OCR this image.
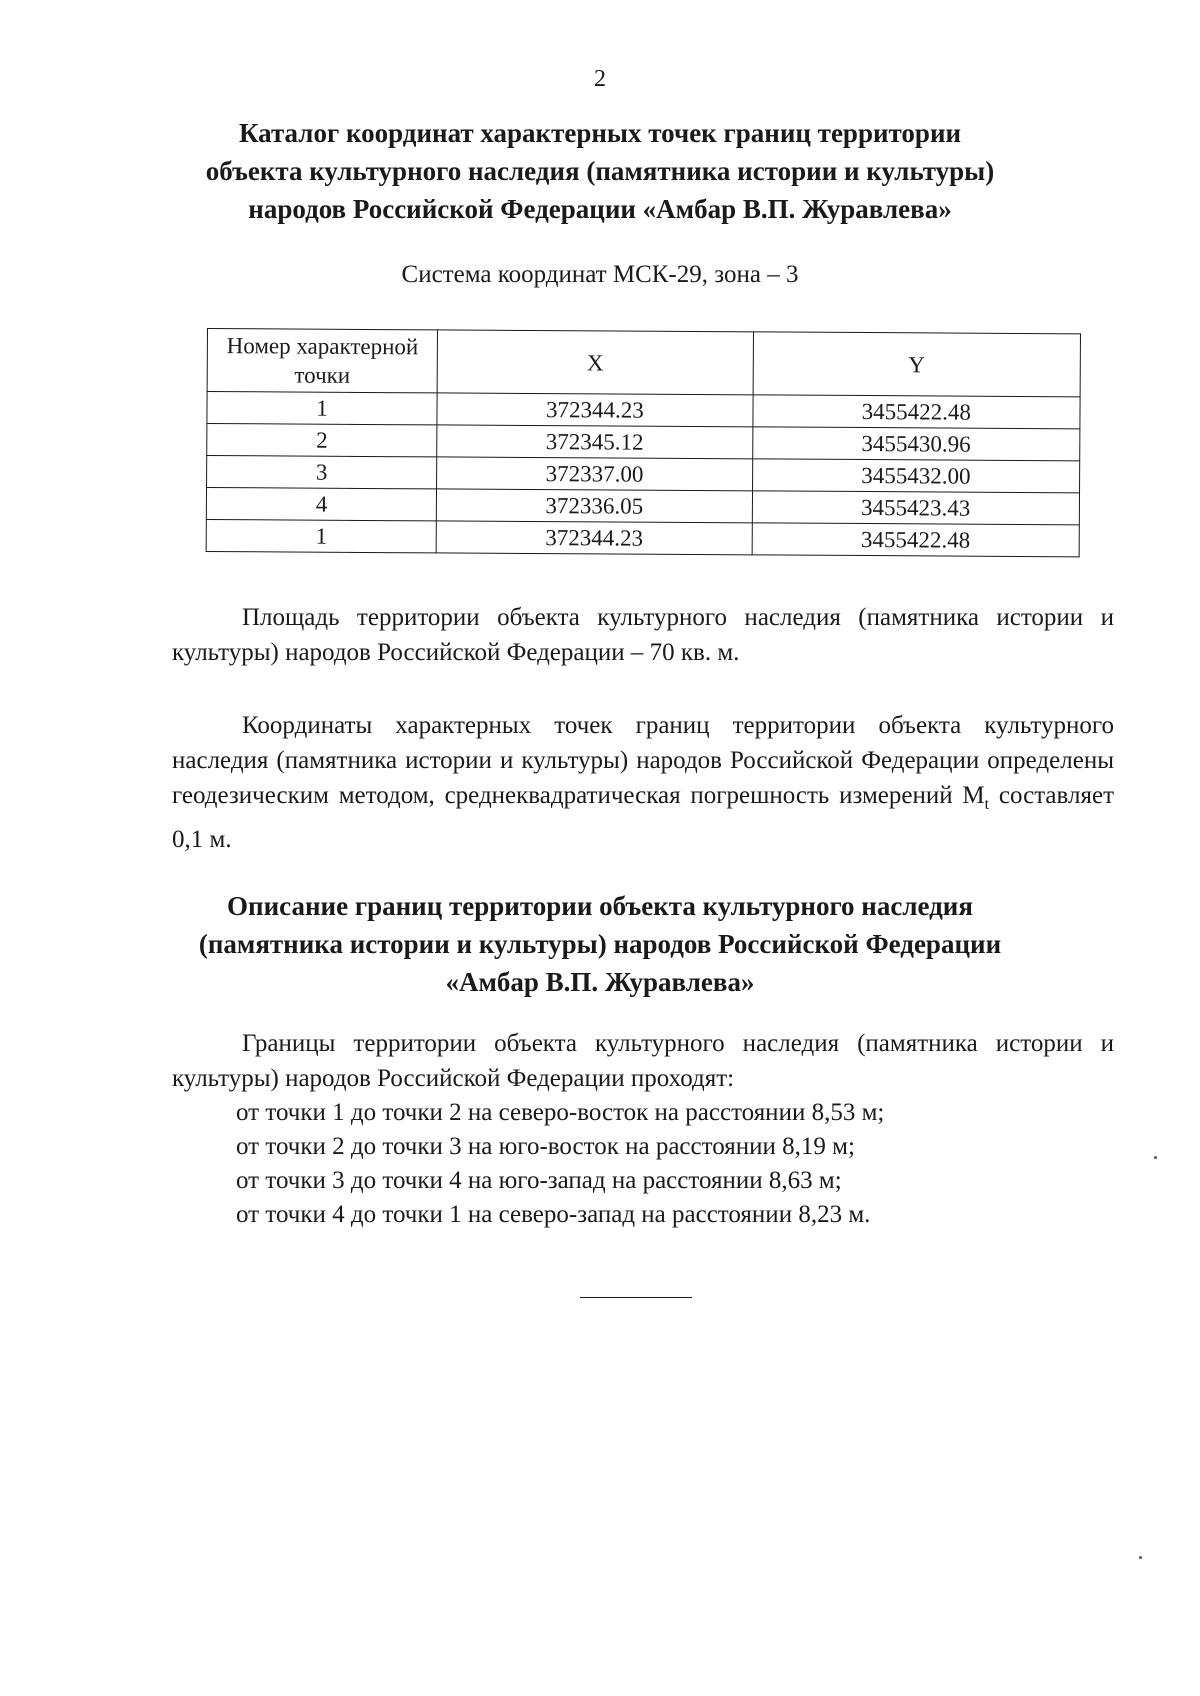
2
Каталог координат характерных точек границ территории
объекта культурного наследия (памятника истории и культуры)
народов Российской Федерации «Амбар В.П. Журавлева»
Система координат МСК-29, зона – 3
Номер характерной точки	X	Y
1	372344.23	3455422.48
2	372345.12	3455430.96
3	372337.00	3455432.00
4	372336.05	3455423.43
1	372344.23	3455422.48

Площадь территории объекта культурного наследия (памятника истории и культуры) народов Российской Федерации – 70 кв. м.

Координаты характерных точек границ территории объекта культурного наследия (памятника истории и культуры) народов Российской Федерации определены геодезическим методом, среднеквадратическая погрешность измерений $М_t$ составляет 0,1 м.

Описание границ территории объекта культурного наследия
(памятника истории и культуры) народов Российской Федерации
«Амбар В.П. Журавлева»

Границы территории объекта культурного наследия (памятника истории и культуры) народов Российской Федерации проходят:

от точки 1 до точки 2 на северо-восток на расстоянии 8,53 м;
от точки 2 до точки 3 на юго-восток на расстоянии 8,19 м;
от точки 3 до точки 4 на юго-запад на расстоянии 8,63 м;
от точки 4 до точки 1 на северо-запад на расстоянии 8,23 м.
